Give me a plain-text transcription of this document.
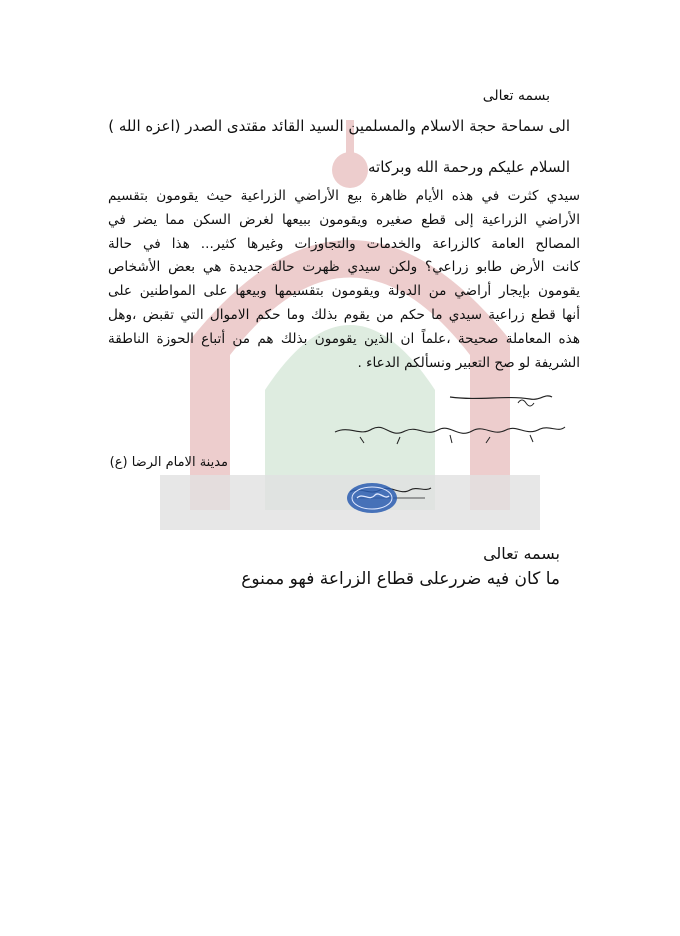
بسمه تعالى
الى سماحة حجة الاسلام والمسلمين السيد القائد مقتدى الصدر (اعزه الله )
السلام عليكم ورحمة الله وبركاته
سيدي كثرت في هذه الأيام ظاهرة بيع الأراضي الزراعية حيث يقومون بتقسيم
الأراضي الزراعية إلى قطع صغيره ويقومون ببيعها لغرض السكن مما يضر في
المصالح العامة كالزراعة والخدمات والتجاوزات وغيرها كثير... هذا في حالة
كانت الأرض طابو زراعي؟ ولكن سيدي ظهرت حالة جديدة هي بعض الأشخاص
يقومون بإيجار أراضي من الدولة ويقومون بتقسيمها وبيعها على المواطنين على
أنها قطع زراعية سيدي ما حكم من يقوم بذلك وما حكم الاموال التي تقبض ،وهل
هذه المعاملة صحيحة ،علماً ان الذين يقومون بذلك هم من أتباع الحوزة الناطقة
الشريفة لو صح التعبير ونسألكم الدعاء .
مدينة الامام الرضا (ع)
بسمه تعالى
ما كان فيه ضررعلى قطاع الزراعة فهو ممنوع
